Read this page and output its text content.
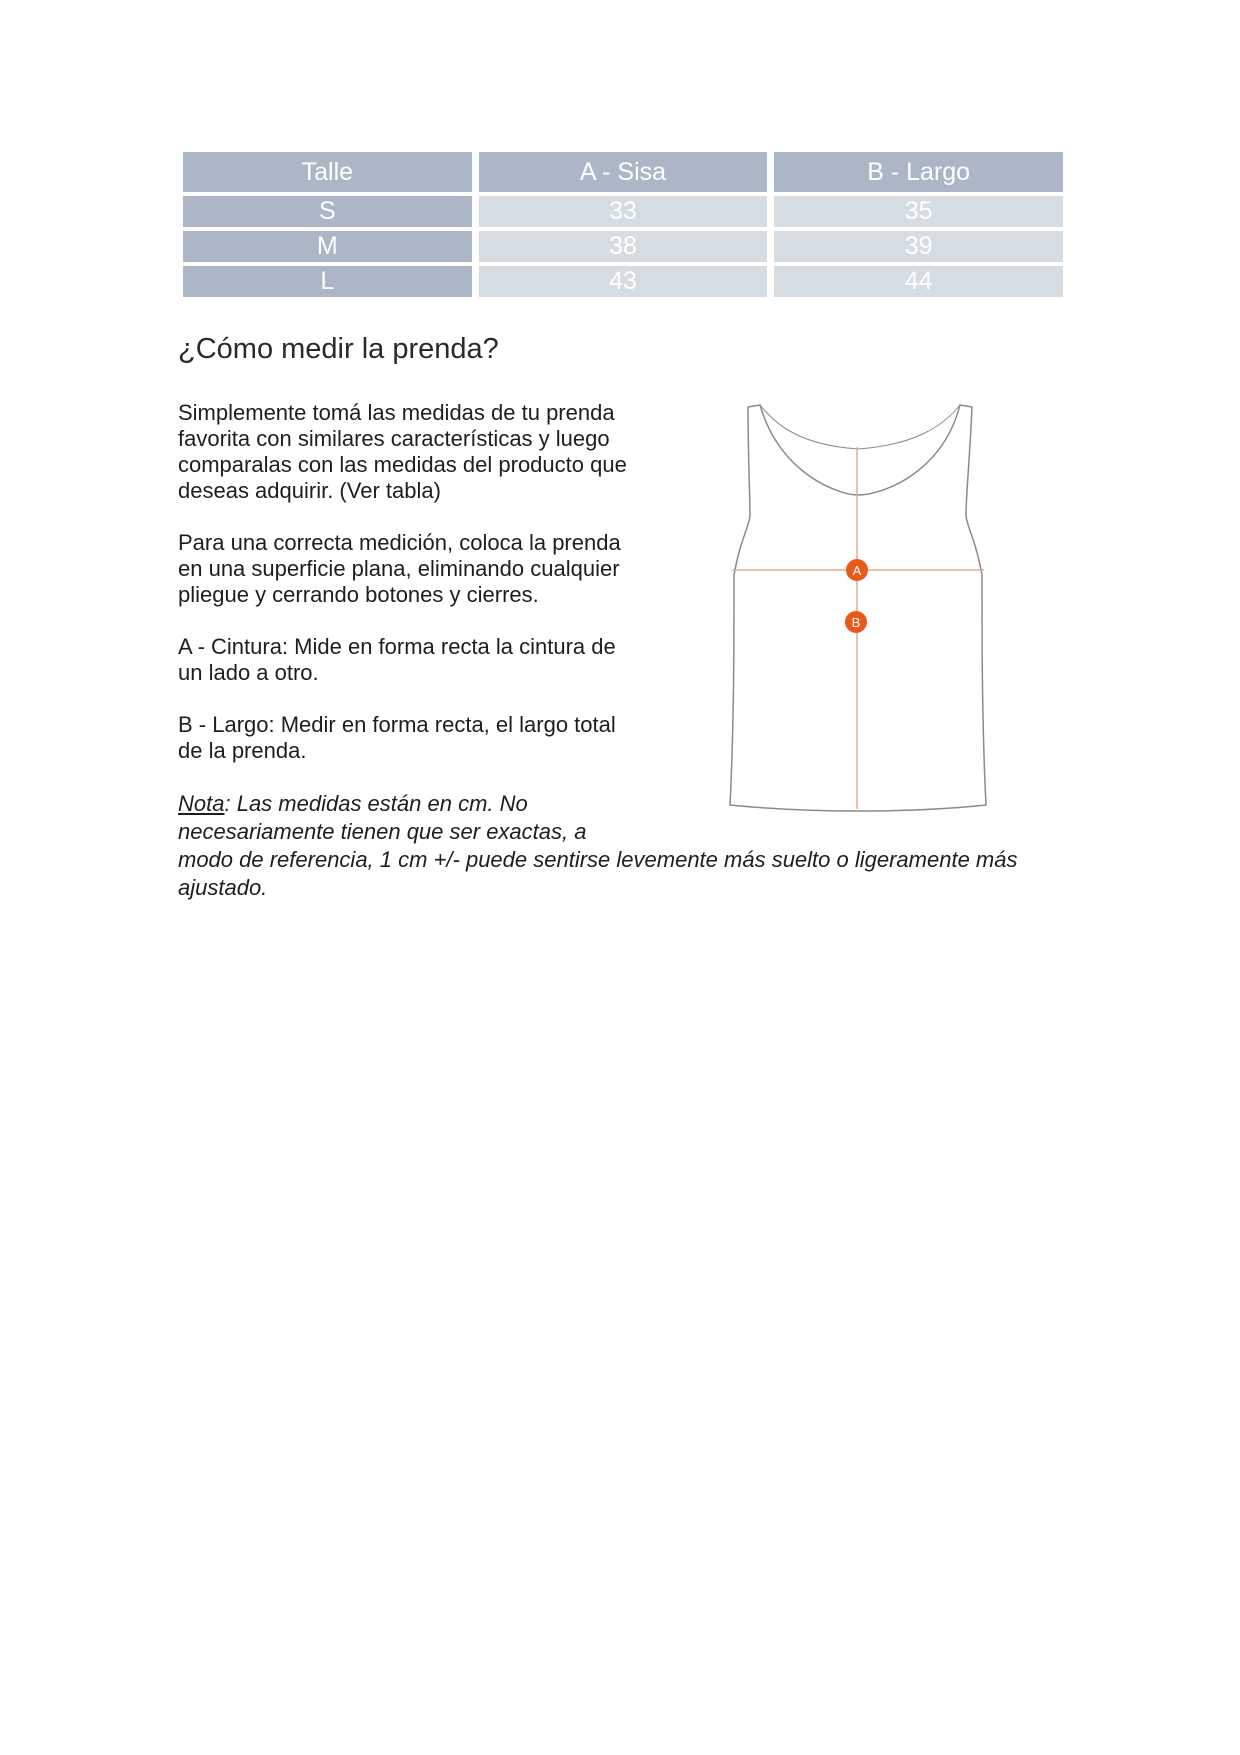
Talle	A - Sisa	B - Largo
S	33	35
M	38	39
L	43	44
¿Cómo medir la prenda?

Simplemente tomá las medidas de tu prenda
favorita con similares características y luego
comparalas con las medidas del producto que
deseas adquirir. (Ver tabla)

Para una correcta medición, coloca la prenda
en una superficie plana, eliminando cualquier
pliegue y cerrando botones y cierres.

A - Cintura: Mide en forma recta la cintura de
un lado a otro.

B - Largo: Medir en forma recta, el largo total
de la prenda.

Nota: Las medidas están en cm. No
necesariamente tienen que ser exactas, a
modo de referencia, 1 cm +/- puede sentirse levemente más suelto o ligeramente más
ajustado.

A
B
